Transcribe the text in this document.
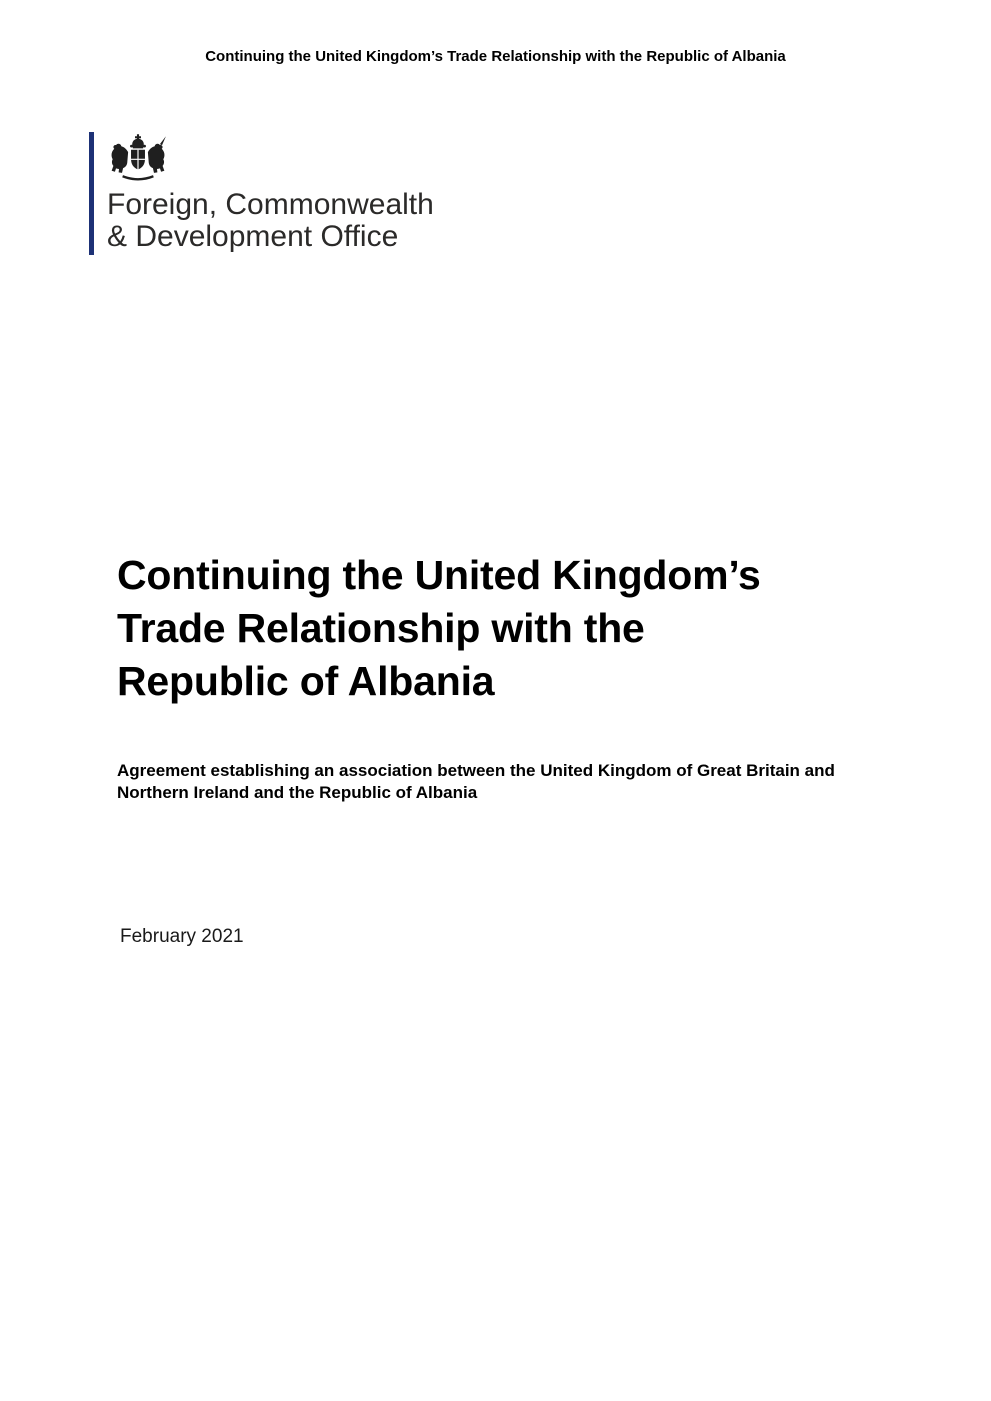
Continuing the United Kingdom’s Trade Relationship with the Republic of Albania
Foreign, Commonwealth
& Development Office
Continuing the United Kingdom’s
Trade Relationship with the
Republic of Albania

Agreement establishing an association between the United Kingdom of Great Britain and Northern Ireland and the Republic of Albania

February 2021
